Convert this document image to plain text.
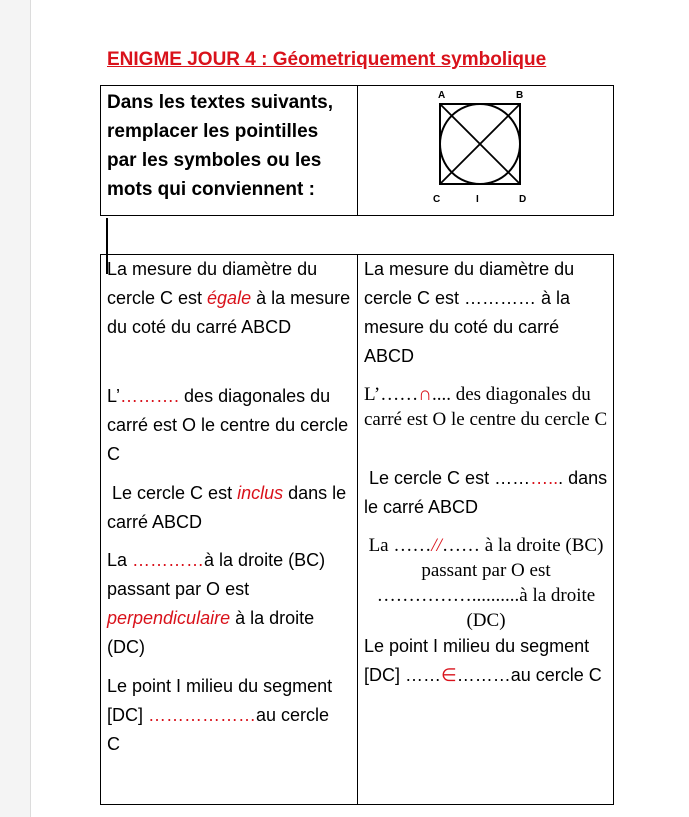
ENIGME JOUR 4 : Géometriquement symbolique
Dans les textes suivants, remplacer les pointilles par les symboles ou les mots qui conviennent :
A	B
C	I	D
La mesure du diamètre du cercle C est égale à la mesure du coté du carré ABCD
L’………. des diagonales du carré est O le centre du cercle C
Le cercle C est inclus dans le carré ABCD
La …………à la droite (BC) passant par O est perpendiculaire à la droite (DC)
Le point I milieu du segment [DC] ………………au cercle C
La mesure du diamètre du cercle C est ………… à la mesure du coté du carré ABCD
L’……∩.... des diagonales du carré est O le centre du cercle C
Le cercle C est ………... dans le carré ABCD
La ……//…… à la droite (BC) passant par O est ……………..........à la droite (DC)
Le point I milieu du segment [DC] ……∈………au cercle C
